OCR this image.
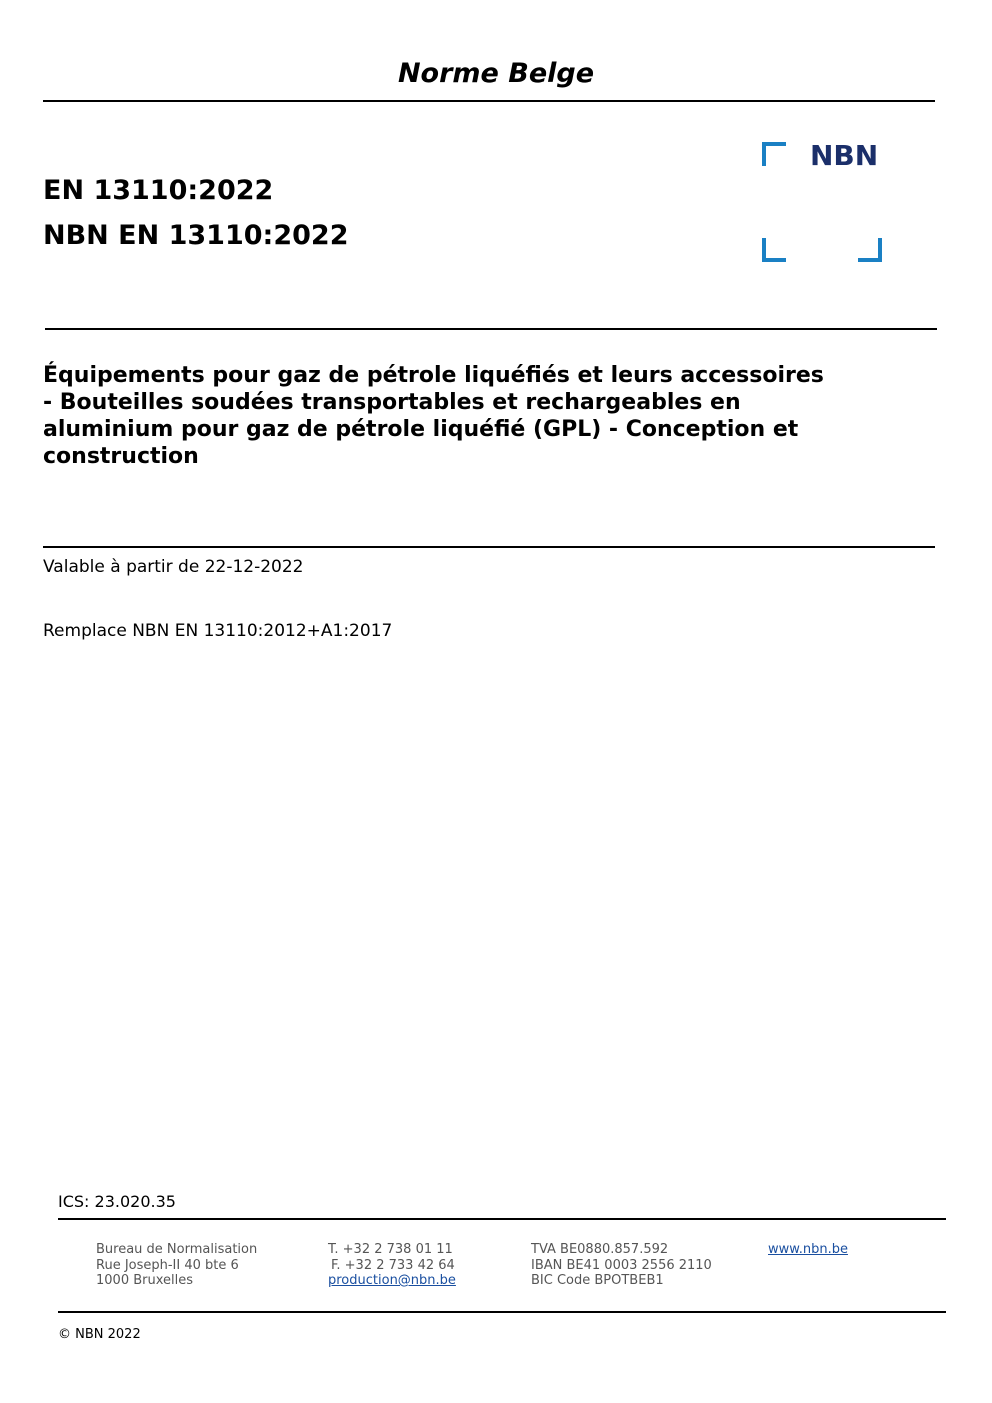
Norme Belge
EN 13110:2022
NBN EN 13110:2022
NBN
Équipements pour gaz de pétrole liquéfiés et leurs accessoires
- Bouteilles soudées transportables et rechargeables en
aluminium pour gaz de pétrole liquéfié (GPL) - Conception et
construction
Valable à partir de 22-12-2022
Remplace NBN EN 13110:2012+A1:2017
ICS: 23.020.35
Bureau de Normalisation
Rue Joseph-II 40 bte 6
1000 Bruxelles
T. +32 2 738 01 11
F. +32 2 733 42 64
production@nbn.be
TVA BE0880.857.592
IBAN BE41 0003 2556 2110
BIC Code BPOTBEB1
www.nbn.be
© NBN 2022
